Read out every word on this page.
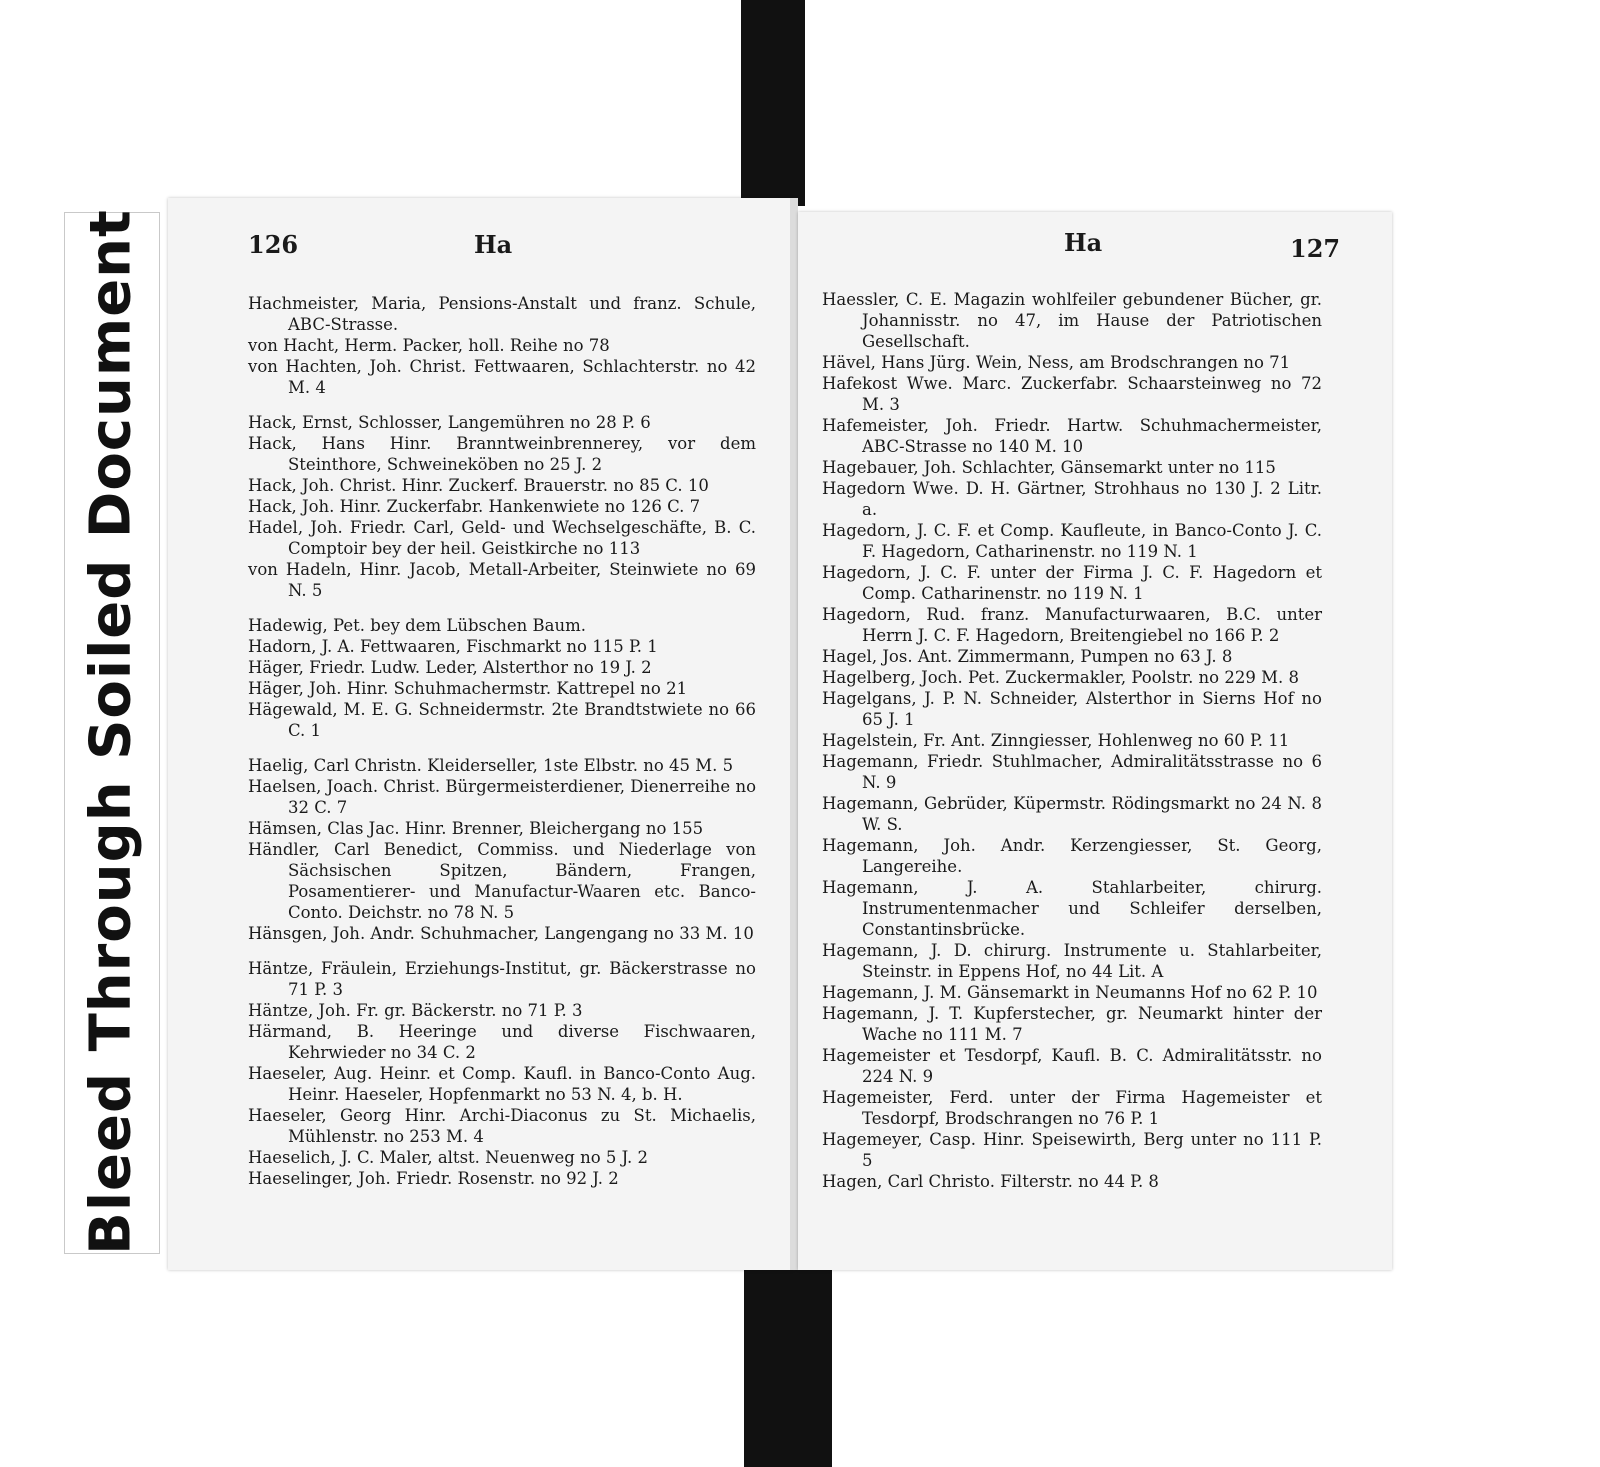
Bleed Through Soiled Document	126	Ha
Hachmeister, Maria, Pensions-Anstalt und franz. Schule, ABC-Strasse.
von Hacht, Herm. Packer, holl. Reihe no 78
von Hachten, Joh. Christ. Fettwaaren, Schlachterstr. no 42 M. 4
Hack, Ernst, Schlosser, Langemühren no 28 P. 6
Hack, Hans Hinr. Branntweinbrennerey, vor dem Steinthore, Schweineköben no 25 J. 2
Hack, Joh. Christ. Hinr. Zuckerf. Brauerstr. no 85 C. 10
Hack, Joh. Hinr. Zuckerfabr. Hankenwiete no 126 C. 7
Hadel, Joh. Friedr. Carl, Geld- und Wechselgeschäfte, B. C. Comptoir bey der heil. Geistkirche no 113
von Hadeln, Hinr. Jacob, Metall-Arbeiter, Steinwiete no 69 N. 5
Hadewig, Pet. bey dem Lübschen Baum.
Hadorn, J. A. Fettwaaren, Fischmarkt no 115 P. 1
Häger, Friedr. Ludw. Leder, Alsterthor no 19 J. 2
Häger, Joh. Hinr. Schuhmachermstr. Kattrepel no 21
Hägewald, M. E. G. Schneidermstr. 2te Brandtstwiete no 66 C. 1
Haelig, Carl Christn. Kleiderseller, 1ste Elbstr. no 45 M. 5
Haelsen, Joach. Christ. Bürgermeisterdiener, Dienerreihe no 32 C. 7
Hämsen, Clas Jac. Hinr. Brenner, Bleichergang no 155
Händler, Carl Benedict, Commiss. und Niederlage von Sächsischen Spitzen, Bändern, Frangen, Posamentierer- und Manufactur-Waaren etc. Banco-Conto. Deichstr. no 78 N. 5
Hänsgen, Joh. Andr. Schuhmacher, Langengang no 33 M. 10
Häntze, Fräulein, Erziehungs-Institut, gr. Bäckerstrasse no 71 P. 3
Häntze, Joh. Fr. gr. Bäckerstr. no 71 P. 3
Härmand, B. Heeringe und diverse Fischwaaren, Kehrwieder no 34 C. 2
Haeseler, Aug. Heinr. et Comp. Kaufl. in Banco-Conto Aug. Heinr. Haeseler, Hopfenmarkt no 53 N. 4, b. H.
Haeseler, Georg Hinr. Archi-Diaconus zu St. Michaelis, Mühlenstr. no 253 M. 4
Haeselich, J. C. Maler, altst. Neuenweg no 5 J. 2
Haeselinger, Joh. Friedr. Rosenstr. no 92 J. 2
Ha	127
Haessler, C. E. Magazin wohlfeiler gebundener Bücher, gr. Johannisstr. no 47, im Hause der Patriotischen Gesellschaft.
Hävel, Hans Jürg. Wein, Ness, am Brodschrangen no 71
Hafekost Wwe. Marc. Zuckerfabr. Schaarsteinweg no 72 M. 3
Hafemeister, Joh. Friedr. Hartw. Schuhmachermeister, ABC-Strasse no 140 M. 10
Hagebauer, Joh. Schlachter, Gänsemarkt unter no 115
Hagedorn Wwe. D. H. Gärtner, Strohhaus no 130 J. 2 Litr. a.
Hagedorn, J. C. F. et Comp. Kaufleute, in Banco-Conto J. C. F. Hagedorn, Catharinenstr. no 119 N. 1
Hagedorn, J. C. F. unter der Firma J. C. F. Hagedorn et Comp. Catharinenstr. no 119 N. 1
Hagedorn, Rud. franz. Manufacturwaaren, B.C. unter Herrn J. C. F. Hagedorn, Breitengiebel no 166 P. 2
Hagel, Jos. Ant. Zimmermann, Pumpen no 63 J. 8
Hagelberg, Joch. Pet. Zuckermakler, Poolstr. no 229 M. 8
Hagelgans, J. P. N. Schneider, Alsterthor in Sierns Hof no 65 J. 1
Hagelstein, Fr. Ant. Zinngiesser, Hohlenweg no 60 P. 11
Hagemann, Friedr. Stuhlmacher, Admiralitätsstrasse no 6 N. 9
Hagemann, Gebrüder, Küpermstr. Rödingsmarkt no 24 N. 8 W. S.
Hagemann, Joh. Andr. Kerzengiesser, St. Georg, Langereihe.
Hagemann, J. A. Stahlarbeiter, chirurg. Instrumentenmacher und Schleifer derselben, Constantinsbrücke.
Hagemann, J. D. chirurg. Instrumente u. Stahlarbeiter, Steinstr. in Eppens Hof, no 44 Lit. A
Hagemann, J. M. Gänsemarkt in Neumanns Hof no 62 P. 10
Hagemann, J. T. Kupferstecher, gr. Neumarkt hinter der Wache no 111 M. 7
Hagemeister et Tesdorpf, Kaufl. B. C. Admiralitätsstr. no 224 N. 9
Hagemeister, Ferd. unter der Firma Hagemeister et Tesdorpf, Brodschrangen no 76 P. 1
Hagemeyer, Casp. Hinr. Speisewirth, Berg unter no 111 P. 5
Hagen, Carl Christo. Filterstr. no 44 P. 8
